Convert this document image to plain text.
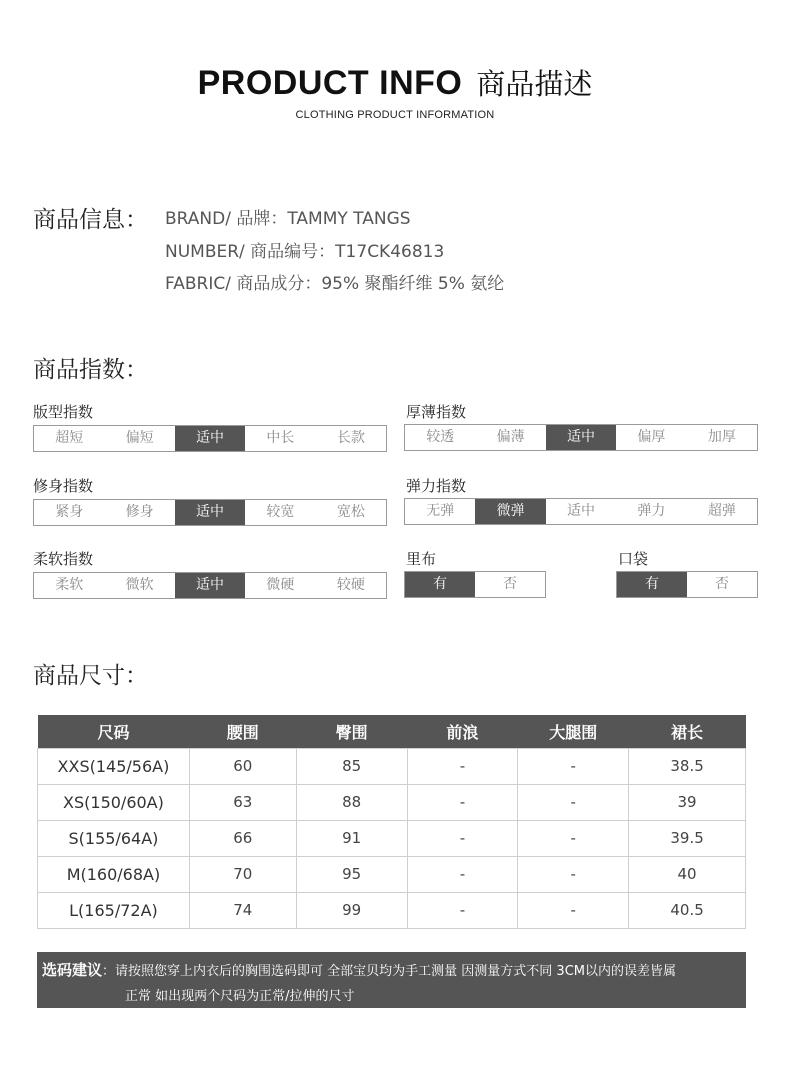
PRODUCT INFO 商品描述
CLOTHING PRODUCT INFORMATION
商品信息： BRAND/ 品牌：TAMMY TANGS
NUMBER/ 商品编号：T17CK46813
FABRIC/ 商品成分：95% 聚酯纤维 5% 氨纶
商品指数：
版型指数
超短	偏短	适中	中长	长款
厚薄指数
较透	偏薄	适中	偏厚	加厚
修身指数
紧身	修身	适中	较宽	宽松
弹力指数
无弹	微弹	适中	弹力	超弹
柔软指数
柔软	微软	适中	微硬	较硬
里布
有	否
口袋
有	否
商品尺寸：
尺码	腰围	臀围	前浪	大腿围	裙长
XXS(145/56A)	60	85	-	-	38.5
XS(150/60A)	63	88	-	-	39
S(155/64A)	66	91	-	-	39.5
M(160/68A)	70	95	-	-	40
L(165/72A)	74	99	-	-	40.5
选码建议：请按照您穿上内衣后的胸围选码即可 全部宝贝均为手工测量 因测量方式不同 3CM以内的误差皆属
正常 如出现两个尺码为正常/拉伸的尺寸
